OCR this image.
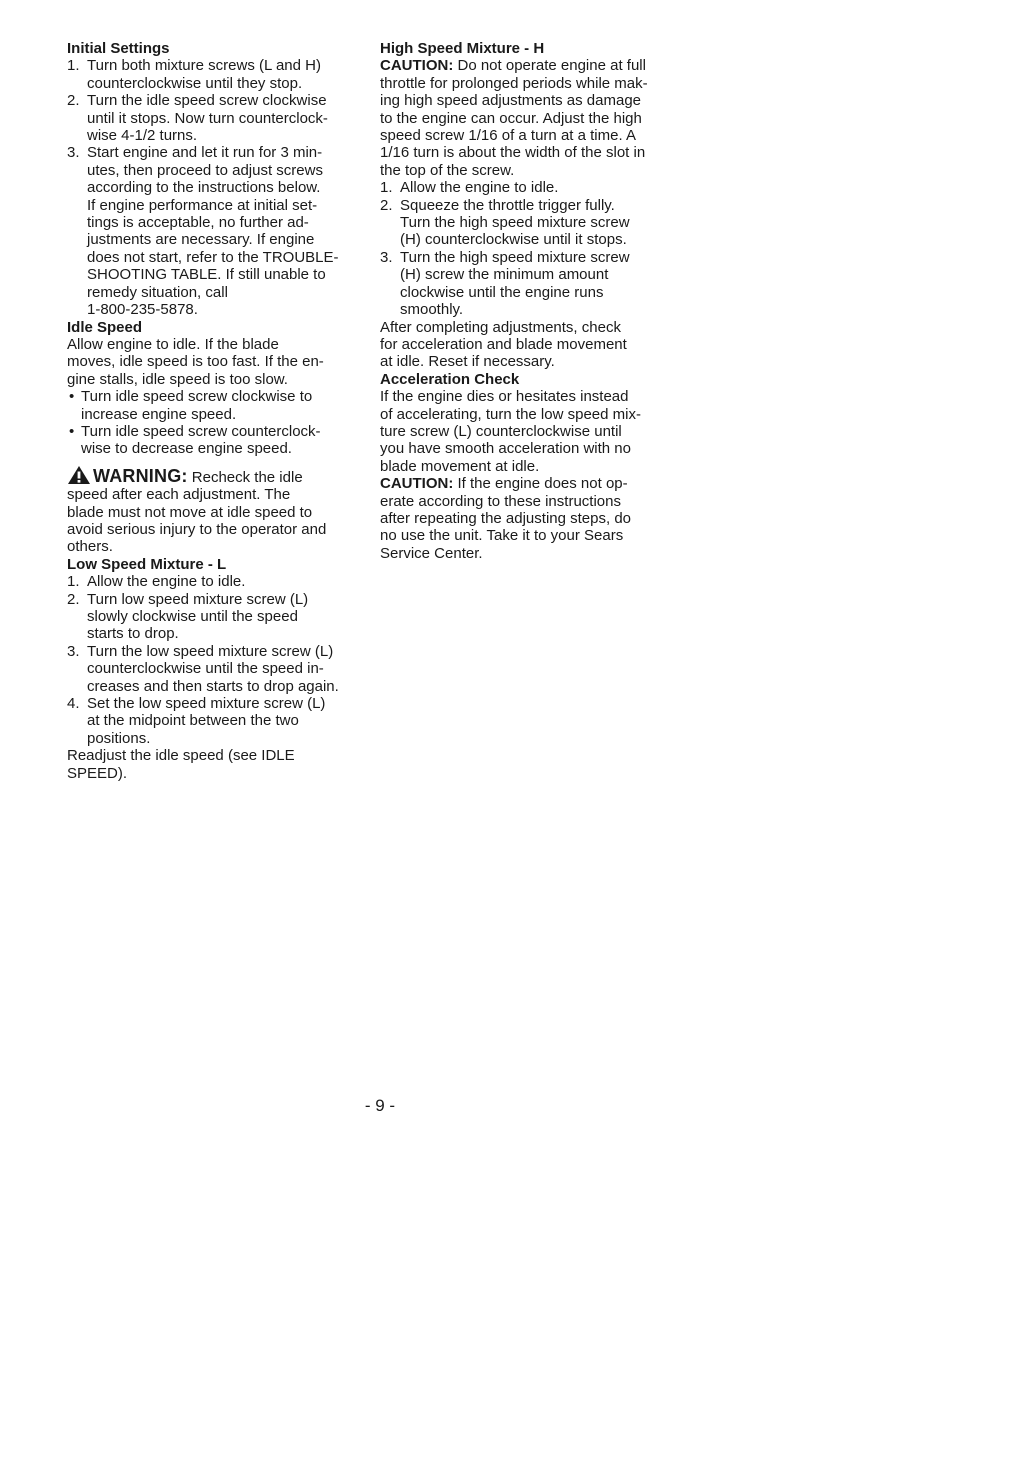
Initial Settings

1. Turn both mixture screws (L and H)
counterclockwise until they stop.
2. Turn the idle speed screw clockwise
until it stops. Now turn counterclock-
wise 4-1/2 turns.
3. Start engine and let it run for 3 min-
utes, then proceed to adjust screws
according to the instructions below.
If engine performance at initial set-
tings is acceptable, no further ad-
justments are necessary. If engine
does not start, refer to the TROUBLE-
SHOOTING TABLE. If still unable to
remedy situation, call
1-800-235-5878.

Idle Speed

Allow engine to idle. If the blade
moves, idle speed is too fast. If the en-
gine stalls, idle speed is too slow.
• Turn idle speed screw clockwise to
increase engine speed.
• Turn idle speed screw counterclock-
wise to decrease engine speed.
WARNING: Recheck the idle
speed after each adjustment. The
blade must not move at idle speed to
avoid serious injury to the operator and
others.

Low Speed Mixture - L

1. Allow the engine to idle.
2. Turn low speed mixture screw (L)
slowly clockwise until the speed
starts to drop.
3. Turn the low speed mixture screw (L)
counterclockwise until the speed in-
creases and then starts to drop again.
4. Set the low speed mixture screw (L)
at the midpoint between the two
positions.
Readjust the idle speed (see IDLE
SPEED).

High Speed Mixture - H

CAUTION: Do not operate engine at full
throttle for prolonged periods while mak-
ing high speed adjustments as damage
to the engine can occur. Adjust the high
speed screw 1/16 of a turn at a time. A
1/16 turn is about the width of the slot in
the top of the screw.
1. Allow the engine to idle.
2. Squeeze the throttle trigger fully.
Turn the high speed mixture screw
(H) counterclockwise until it stops.
3. Turn the high speed mixture screw
(H) screw the minimum amount
clockwise until the engine runs
smoothly.
After completing adjustments, check
for acceleration and blade movement
at idle. Reset if necessary.

Acceleration Check

If the engine dies or hesitates instead
of accelerating, turn the low speed mix-
ture screw (L) counterclockwise until
you have smooth acceleration with no
blade movement at idle.
CAUTION: If the engine does not op-
erate according to these instructions
after repeating the adjusting steps, do
no use the unit. Take it to your Sears
Service Center.
- 9 -
